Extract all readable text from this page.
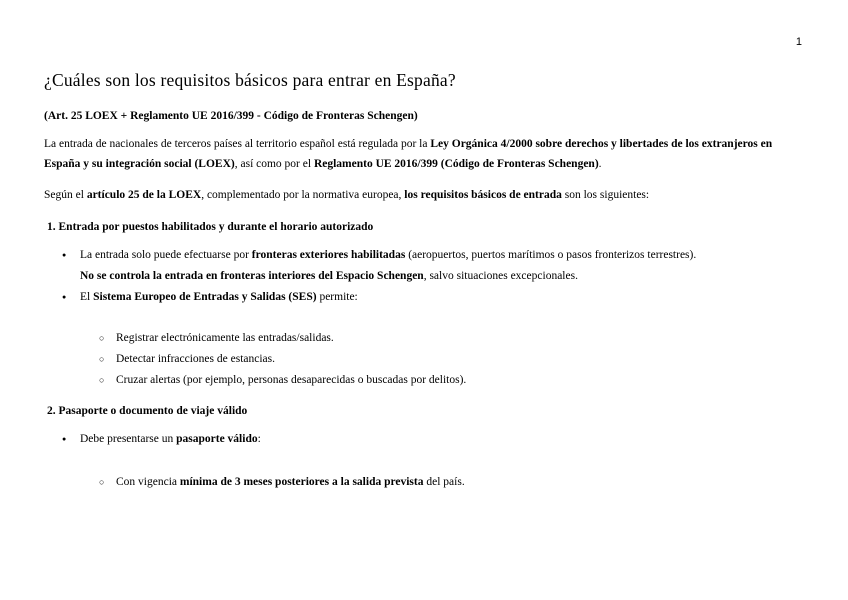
1
¿Cuáles son los requisitos básicos para entrar en España?
(Art. 25 LOEX + Reglamento UE 2016/399 - Código de Fronteras Schengen)

La entrada de nacionales de terceros países al territorio español está regulada por la Ley Orgánica 4/2000 sobre derechos y libertades de los extranjeros en España y su integración social (LOEX), así como por el Reglamento UE 2016/399 (Código de Fronteras Schengen).

Según el artículo 25 de la LOEX, complementado por la normativa europea, los requisitos básicos de entrada son los siguientes:

1. Entrada por puestos habilitados y durante el horario autorizado
● La entrada solo puede efectuarse por fronteras exteriores habilitadas (aeropuertos, puertos marítimos o pasos fronterizos terrestres).
No se controla la entrada en fronteras interiores del Espacio Schengen, salvo situaciones excepcionales.
● El Sistema Europeo de Entradas y Salidas (SES) permite:
○ Registrar electrónicamente las entradas/salidas.
○ Detectar infracciones de estancias.
○ Cruzar alertas (por ejemplo, personas desaparecidas o buscadas por delitos).
2. Pasaporte o documento de viaje válido
● Debe presentarse un pasaporte válido:
○ Con vigencia mínima de 3 meses posteriores a la salida prevista del país.
